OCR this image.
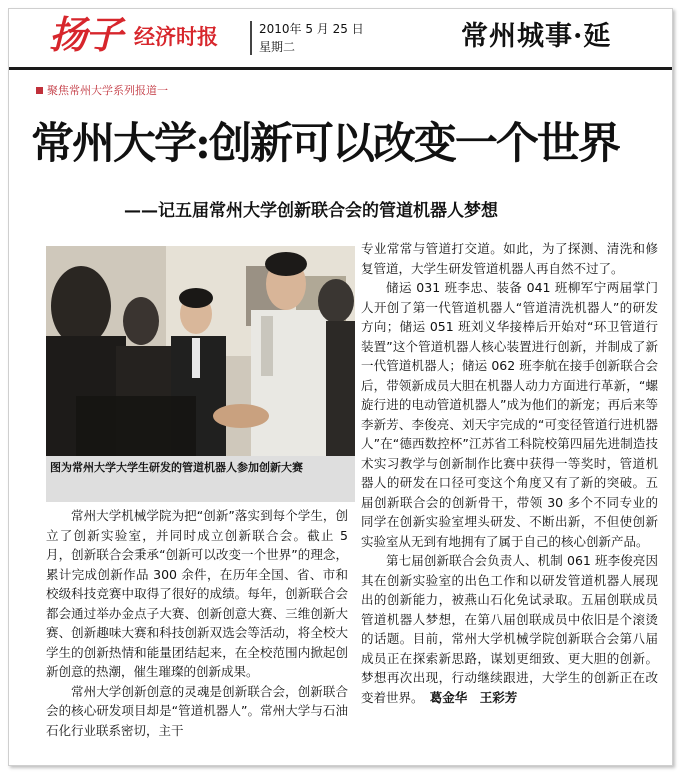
扬子 经济时报	2010年 5 月 25 日
星期二	常州城事·延
聚焦常州大学系列报道一
常州大学:创新可以改变一个世界
——记五届常州大学创新联合会的管道机器人梦想
图为常州大学大学生研发的管道机器人参加创新大赛

常州大学机械学院为把“创新”落实到每个学生，创立了创新实验室，并同时成立创新联合会。截止 5 月，创新联合会秉承“创新可以改变一个世界”的理念，累计完成创新作品 300 余件，在历年全国、省、市和校级科技竞赛中取得了很好的成绩。每年，创新联合会都会通过举办金点子大赛、创新创意大赛、三维创新大赛、创新趣味大赛和科技创新双选会等活动，将全校大学生的创新热情和能量团结起来，在全校范围内掀起创新创意的热潮，催生璀璨的创新成果。

常州大学创新创意的灵魂是创新联合会，创新联合会的核心研发项目却是“管道机器人”。常州大学与石油石化行业联系密切，主干

专业常常与管道打交道。如此，为了探测、清洗和修复管道，大学生研发管道机器人再自然不过了。

储运 031 班李忠、装备 041 班柳军宁两届掌门人开创了第一代管道机器人“管道清洗机器人”的研发方向；储运 051 班刘义华接棒后开始对“环卫管道行装置”这个管道机器人核心装置进行创新，并制成了新一代管道机器人；储运 062 班李航在接手创新联合会后，带领新成员大胆在机器人动力方面进行革新，“螺旋行进的电动管道机器人”成为他们的新宠；再后来等李新芳、李俊亮、刘天宇完成的“可变径管道行进机器人”在“德西数控杯”江苏省工科院校第四届先进制造技术实习教学与创新制作比赛中获得一等奖时，管道机器人的研发在口径可变这个角度又有了新的突破。五届创新联合会的创新骨干，带领 30 多个不同专业的同学在创新实验室埋头研发、不断出新，不但使创新实验室从无到有地拥有了属于自己的核心创新产品。

第七届创新联合会负责人、机制 061 班李俊亮因其在创新实验室的出色工作和以研发管道机器人展现出的创新能力，被燕山石化免试录取。五届创联成员管道机器人梦想，在第八届创联成员中依旧是个滚烫的话题。目前，常州大学机械学院创新联合会第八届成员正在探索新思路，谋划更细致、更大胆的创新。梦想再次出现，行动继续跟进，大学生的创新正在改变着世界。　 葛金华　王彩芳
